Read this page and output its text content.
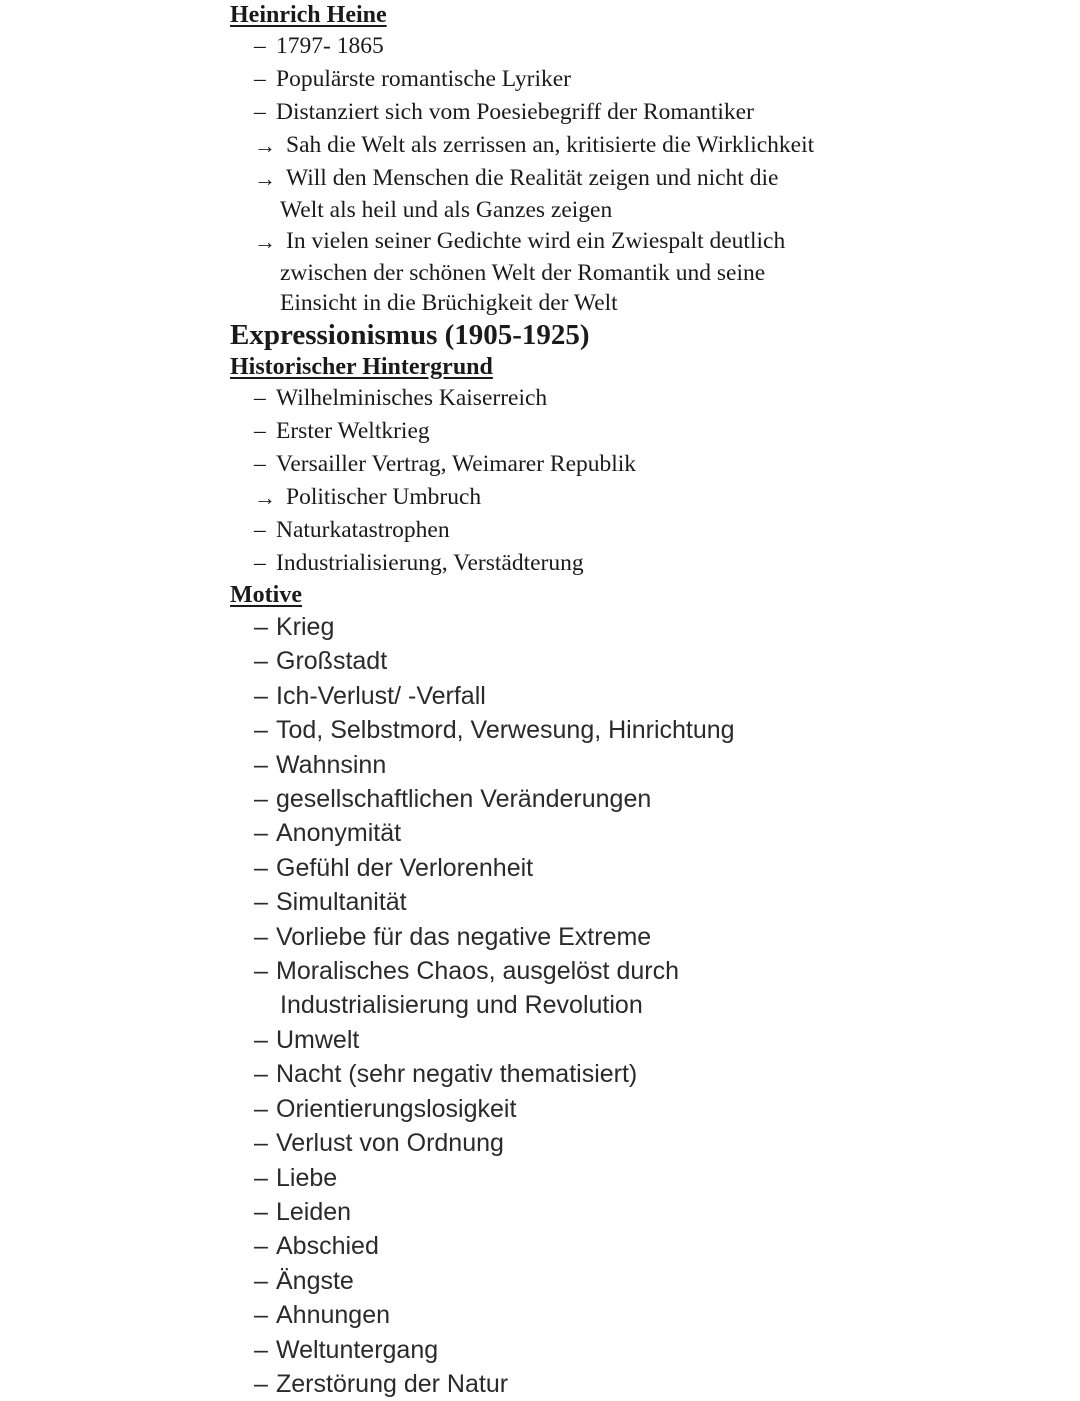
Heinrich Heine
– 1797- 1865
– Populärste romantische Lyriker
– Distanziert sich vom Poesiebegriff der Romantiker
→ Sah die Welt als zerrissen an, kritisierte die Wirklichkeit
→ Will den Menschen die Realität zeigen und nicht die
Welt als heil und als Ganzes zeigen
→ In vielen seiner Gedichte wird ein Zwiespalt deutlich
zwischen der schönen Welt der Romantik und seine
Einsicht in die Brüchigkeit der Welt
Expressionismus (1905-1925)
Historischer Hintergrund
– Wilhelminisches Kaiserreich
– Erster Weltkrieg
– Versailler Vertrag, Weimarer Republik
→ Politischer Umbruch
– Naturkatastrophen
– Industrialisierung, Verstädterung
Motive
– Krieg
– Großstadt
– Ich-Verlust/ -Verfall
– Tod, Selbstmord, Verwesung, Hinrichtung
– Wahnsinn
– gesellschaftlichen Veränderungen
– Anonymität
– Gefühl der Verlorenheit
– Simultanität
– Vorliebe für das negative Extreme
– Moralisches Chaos, ausgelöst durch
Industrialisierung und Revolution
– Umwelt
– Nacht (sehr negativ thematisiert)
– Orientierungslosigkeit
– Verlust von Ordnung
– Liebe
– Leiden
– Abschied
– Ängste
– Ahnungen
– Weltuntergang
– Zerstörung der Natur
